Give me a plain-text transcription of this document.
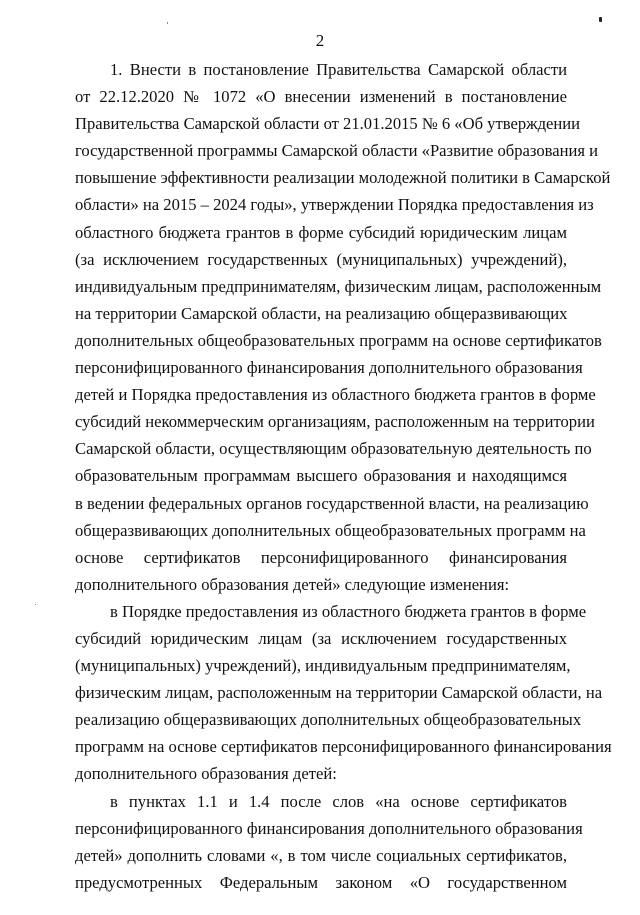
2
1. Внести в постановление Правительства Самарской области
от 22.12.2020 № 1072 «О внесении изменений в постановление
Правительства Самарской области от 21.01.2015 № 6 «Об утверждении
государственной программы Самарской области «Развитие образования и
повышение эффективности реализации молодежной политики в Самарской
области» на 2015 – 2024 годы», утверждении Порядка предоставления из
областного бюджета грантов в форме субсидий юридическим лицам
(за исключением государственных (муниципальных) учреждений),
индивидуальным предпринимателям, физическим лицам, расположенным
на территории Самарской области, на реализацию общеразвивающих
дополнительных общеобразовательных программ на основе сертификатов
персонифицированного финансирования дополнительного образования
детей и Порядка предоставления из областного бюджета грантов в форме
субсидий некоммерческим организациям, расположенным на территории
Самарской области, осуществляющим образовательную деятельность по
образовательным программам высшего образования и находящимся
в ведении федеральных органов государственной власти, на реализацию
общеразвивающих дополнительных общеобразовательных программ на
основе сертификатов персонифицированного финансирования
дополнительного образования детей» следующие изменения:
в Порядке предоставления из областного бюджета грантов в форме
субсидий юридическим лицам (за исключением государственных
(муниципальных) учреждений), индивидуальным предпринимателям,
физическим лицам, расположенным на территории Самарской области, на
реализацию общеразвивающих дополнительных общеобразовательных
программ на основе сертификатов персонифицированного финансирования
дополнительного образования детей:
в пунктах 1.1 и 1.4 после слов «на основе сертификатов
персонифицированного финансирования дополнительного образования
детей» дополнить словами «, в том числе социальных сертификатов,
предусмотренных Федеральным законом «О государственном
